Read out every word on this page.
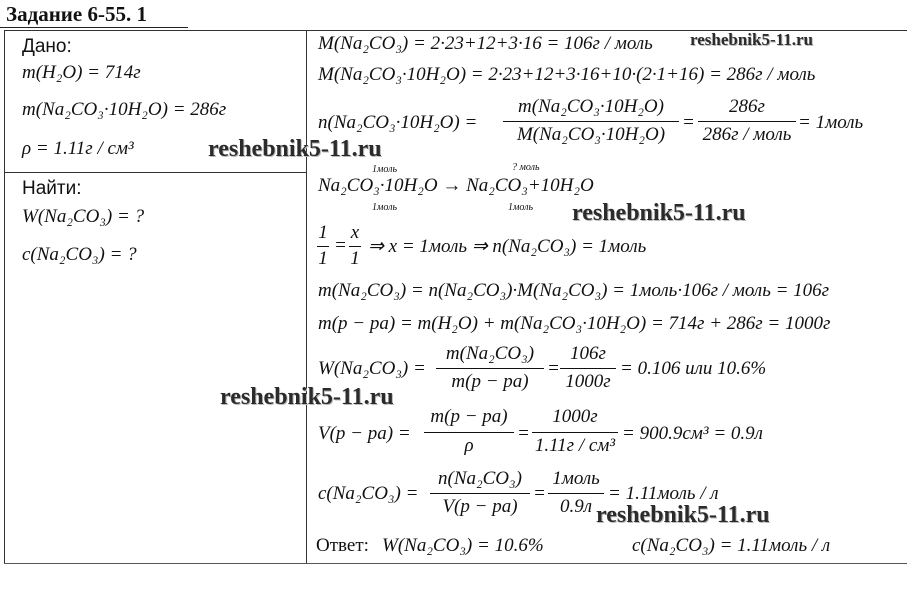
Задание 6-55. 1
Дано:
m(H₂O) = 714г
m(Na₂CO₃·10H₂O) = 286г
ρ = 1.11г / см³
Найти:
W(Na₂CO₃) = ?
c(Na₂CO₃) = ?
M(Na₂CO₃) = 2·23+12+3·16 = 106г / моль
M(Na₂CO₃·10H₂O) = 2·23+12+3·16+10·(2·1+16) = 286г / моль
n(Na₂CO₃·10H₂O) =
m(Na₂CO₃·10H₂O)
M(Na₂CO₃·10H₂O)
=
286г
286г / моль
= 1моль
1моль	? моль
Na₂CO₃·10H₂O → Na₂CO₃+10H₂O
1моль	1моль
1
1
=
x
1
⇒ x = 1моль ⇒ n(Na₂CO₃) = 1моль
m(Na₂CO₃) = n(Na₂CO₃)·M(Na₂CO₃) = 1моль·106г / моль = 106г
m(p − pa) = m(H₂O) + m(Na₂CO₃·10H₂O) = 714г + 286г = 1000г
W(Na₂CO₃) =
m(Na₂CO₃)
m(p − pa)
=
106г
1000г
= 0.106 или 10.6%
V(p − pa) =
m(p − pa)
ρ
=
1000г
1.11г / см³
= 900.9см³ = 0.9л
c(Na₂CO₃) =
n(Na₂CO₃)
V(p − pa)
=
1моль
0.9л
= 1.11моль / л
Ответ: W(Na₂CO₃) = 10.6%	c(Na₂CO₃) = 1.11моль / л
reshebnik5-11.ru
reshebnik5-11.ru
reshebnik5-11.ru
reshebnik5-11.ru
reshebnik5-11.ru
